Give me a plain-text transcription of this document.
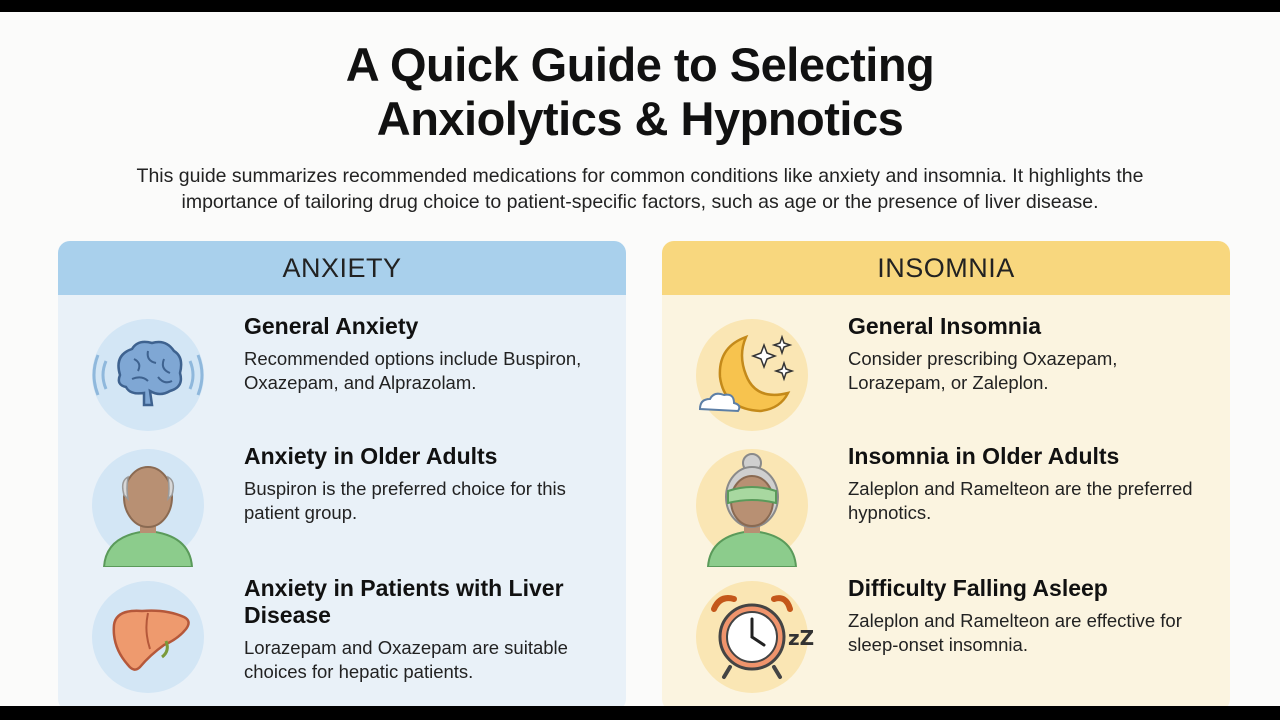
A Quick Guide to Selecting
Anxiolytics & Hypnotics

This guide summarizes recommended medications for common conditions like anxiety and insomnia. It highlights the importance of tailoring drug choice to patient-specific factors, such as age or the presence of liver disease.

ANXIETY
General Anxiety
Recommended options include Buspiron, Oxazepam, and Alprazolam.
Anxiety in Older Adults
Buspiron is the preferred choice for this patient group.
Anxiety in Patients with Liver Disease
Lorazepam and Oxazepam are suitable choices for hepatic patients.
INSOMNIA
General Insomnia
Consider prescribing Oxazepam, Lorazepam, or Zaleplon.
Insomnia in Older Adults
Zaleplon and Ramelteon are the preferred hypnotics.
zZ
Difficulty Falling Asleep
Zaleplon and Ramelteon are effective for sleep-onset insomnia.
